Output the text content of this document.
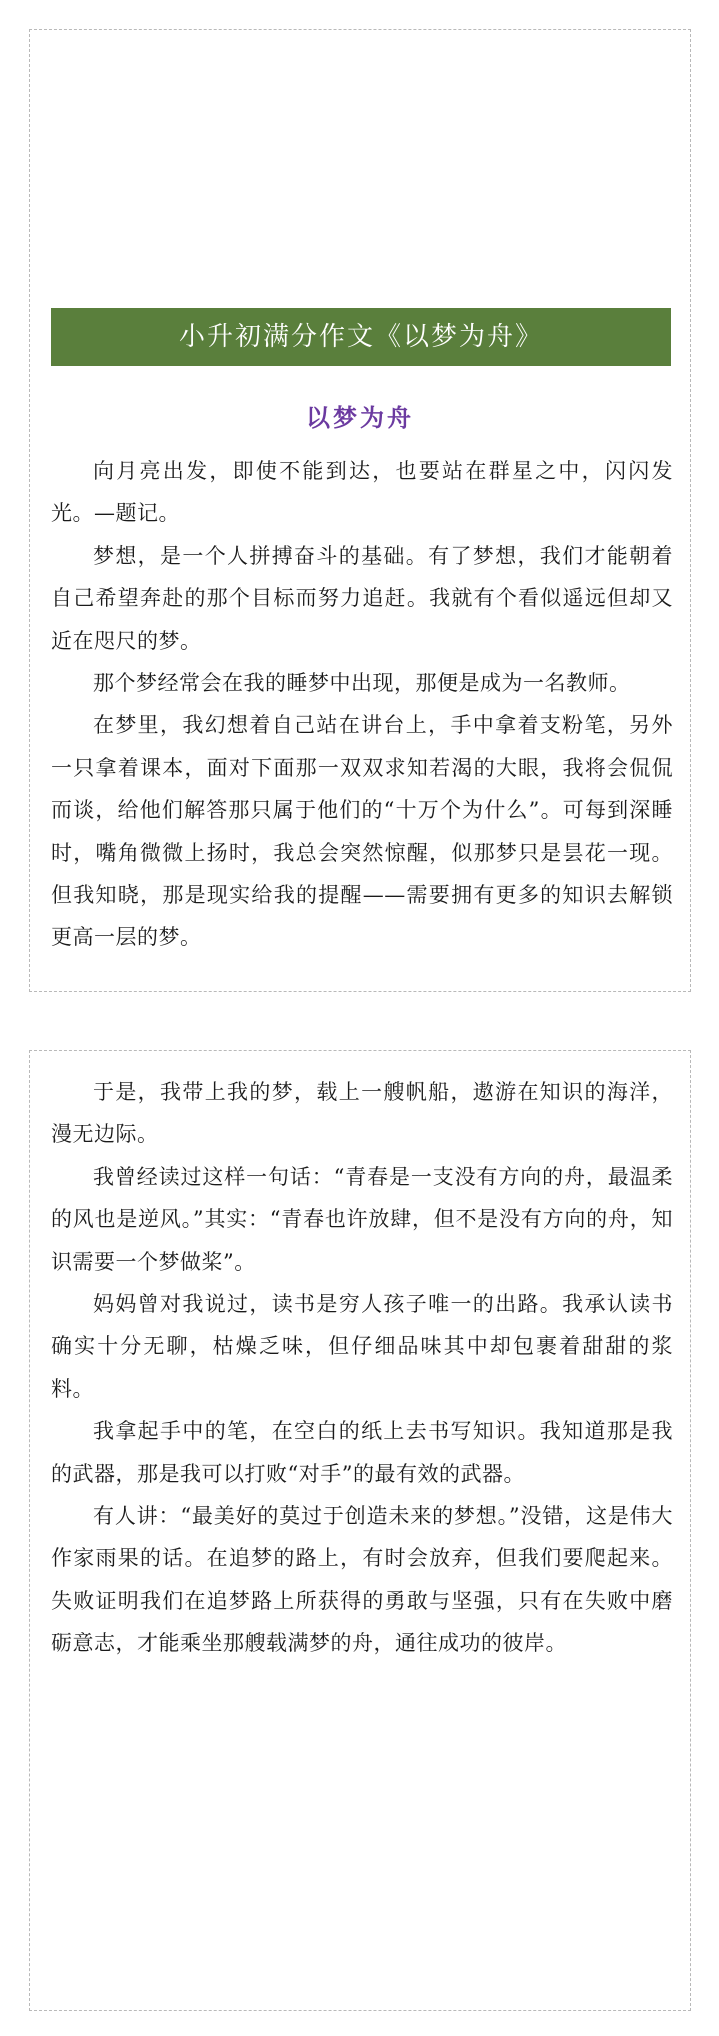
小升初满分作文《以梦为舟》
以梦为舟

向月亮出发，即使不能到达，也要站在群星之中，闪闪发光。—题记。

梦想，是一个人拼搏奋斗的基础。有了梦想，我们才能朝着自己希望奔赴的那个目标而努力追赶。我就有个看似遥远但却又近在咫尺的梦。

那个梦经常会在我的睡梦中出现，那便是成为一名教师。

在梦里，我幻想着自己站在讲台上，手中拿着支粉笔，另外一只拿着课本，面对下面那一双双求知若渴的大眼，我将会侃侃而谈，给他们解答那只属于他们的“十万个为什么”。可每到深睡时，嘴角微微上扬时，我总会突然惊醒，似那梦只是昙花一现。但我知晓，那是现实给我的提醒——需要拥有更多的知识去解锁更高一层的梦。

于是，我带上我的梦，载上一艘帆船，遨游在知识的海洋，漫无边际。

我曾经读过这样一句话：“青春是一支没有方向的舟，最温柔的风也是逆风。”其实：“青春也许放肆，但不是没有方向的舟，知识需要一个梦做桨”。

妈妈曾对我说过，读书是穷人孩子唯一的出路。我承认读书确实十分无聊，枯燥乏味，但仔细品味其中却包裹着甜甜的浆料。

我拿起手中的笔，在空白的纸上去书写知识。我知道那是我的武器，那是我可以打败“对手”的最有效的武器。

有人讲：“最美好的莫过于创造未来的梦想。”没错，这是伟大作家雨果的话。在追梦的路上，有时会放弃，但我们要爬起来。失败证明我们在追梦路上所获得的勇敢与坚强，只有在失败中磨砺意志，才能乘坐那艘载满梦的舟，通往成功的彼岸。
